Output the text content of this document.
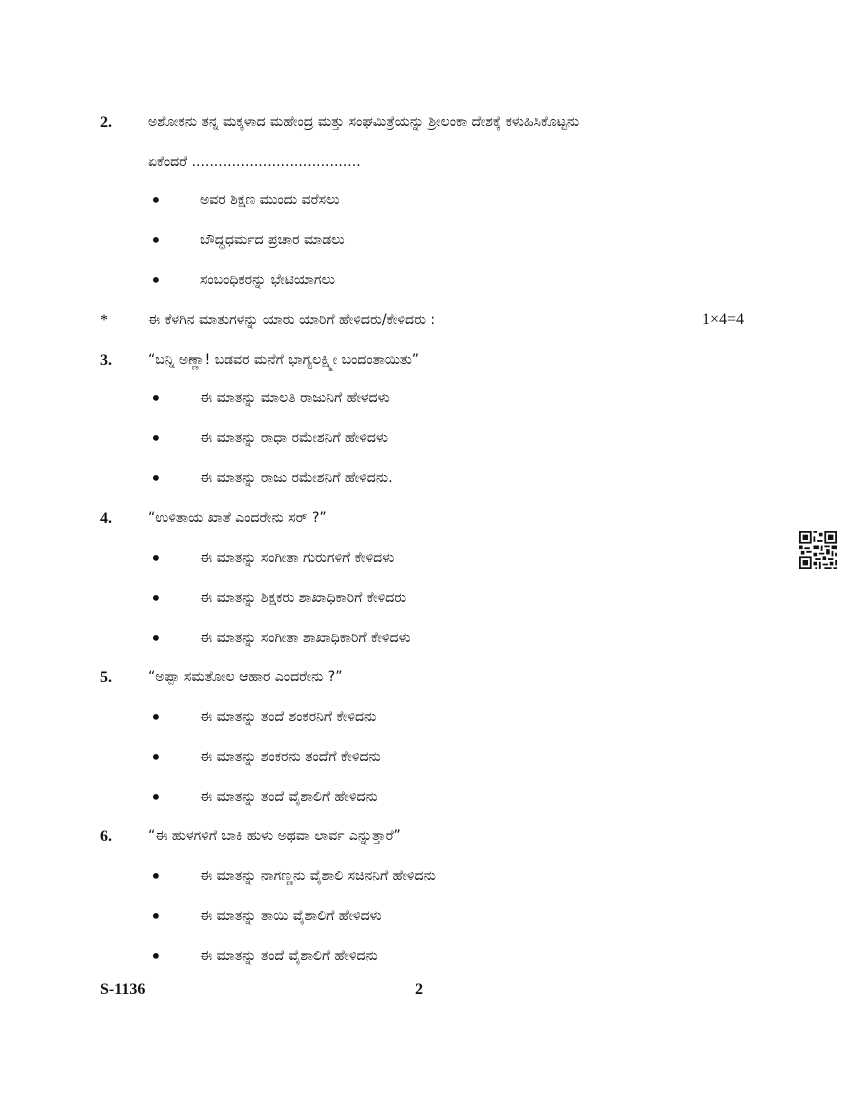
2.	ಅಶೋಕನು ತನ್ನ ಮಕ್ಕಳಾದ ಮಹೇಂದ್ರ ಮತ್ತು ಸಂಘಮಿತ್ರೆಯನ್ನು ಶ್ರೀಲಂಕಾ ದೇಶಕ್ಕೆ ಕಳುಹಿಸಿಕೊಟ್ಟನು
ಏಕೆಂದರೆ ......................................
•	ಅವರ ಶಿಕ್ಷಣ ಮುಂದು ವರೆಸಲು
•	ಬೌದ್ಧಧರ್ಮದ ಪ್ರಚಾರ ಮಾಡಲು
•	ಸಂಬಂಧಿಕರನ್ನು ಭೇಟಿಯಾಗಲು
*	ಈ ಕೆಳಗಿನ ಮಾತುಗಳನ್ನು ಯಾರು ಯಾರಿಗೆ ಹೇಳಿದರು/ಕೇಳಿದರು :	1×4=4
3.	“ಬನ್ನಿ ಅಣ್ಣಾ! ಬಡವರ ಮನೆಗೆ ಭಾಗ್ಯಲಕ್ಷ್ಮೀ ಬಂದಂತಾಯಿತು”
•	ಈ ಮಾತನ್ನು ಮಾಲತಿ ರಾಜುನಿಗೆ ಹೇಳದಳು
•	ಈ ಮಾತನ್ನು ರಾಧಾ ರಮೇಶನಿಗೆ ಹೇಳಿದಳು
•	ಈ ಮಾತನ್ನು ರಾಜು ರಮೇಶನಿಗೆ ಹೇಳಿದನು.
4.	“ಉಳಿತಾಯ ಖಾತೆ ಎಂದರೇನು ಸರ್ ?”
•	ಈ ಮಾತನ್ನು ಸಂಗೀತಾ ಗುರುಗಳಿಗೆ ಕೇಳಿದಳು
•	ಈ ಮಾತನ್ನು ಶಿಕ್ಷಕರು ಶಾಖಾಧಿಕಾರಿಗೆ ಕೇಳಿದರು
•	ಈ ಮಾತನ್ನು ಸಂಗೀತಾ ಶಾಖಾಧಿಕಾರಿಗೆ ಕೇಳಿದಳು
5.	“ಅಪ್ಪಾ ಸಮತೋಲ ಆಹಾರ ಎಂದರೇನು ?”
•	ಈ ಮಾತನ್ನು ತಂದೆ ಶಂಕರನಿಗೆ ಕೇಳಿದನು
•	ಈ ಮಾತನ್ನು ಶಂಕರನು ತಂದೆಗೆ ಕೇಳಿದನು
•	ಈ ಮಾತನ್ನು ತಂದೆ ವೈಶಾಲಿಗೆ ಹೇಳಿದನು
6.	“ಈ ಹುಳಗಳಿಗೆ ಬಾಕಿ ಹುಳು ಅಥವಾ ಲಾರ್ವ ಎನ್ನುತ್ತಾರೆ”
•	ಈ ಮಾತನ್ನು ನಾಗಣ್ಣನು ವೈಶಾಲಿ ಸಚಿನನಿಗೆ ಹೇಳಿದನು
•	ಈ ಮಾತನ್ನು ತಾಯಿ ವೈಶಾಲಿಗೆ ಹೇಳಿದಳು
•	ಈ ಮಾತನ್ನು ತಂದೆ ವೈಶಾಲಿಗೆ ಹೇಳಿದನು
S-1136	2
